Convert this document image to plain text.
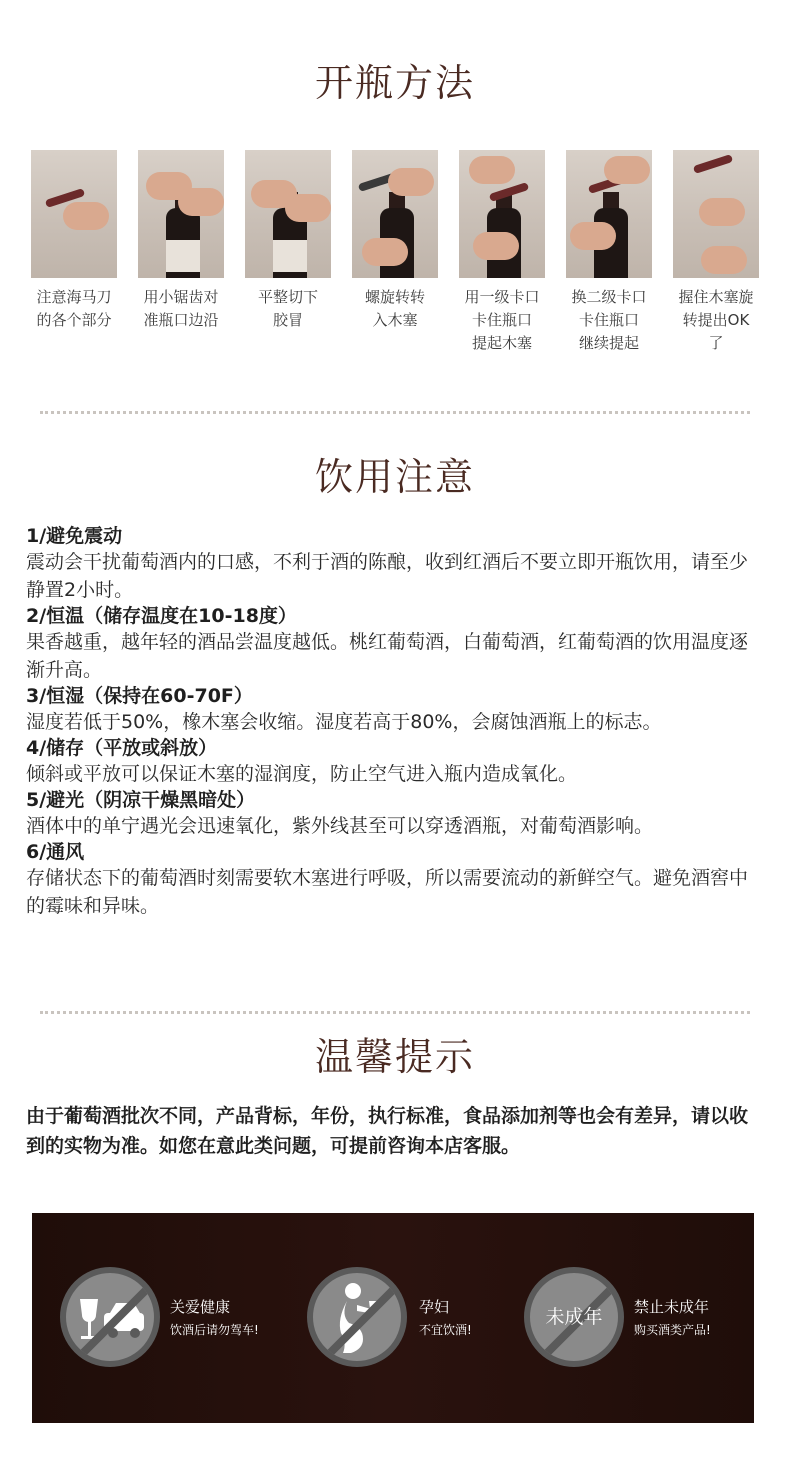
开瓶方法
注意海马刀
的各个部分
用小锯齿对
准瓶口边沿
平整切下
胶冒
螺旋转转
入木塞
用一级卡口
卡住瓶口
提起木塞
换二级卡口
卡住瓶口
继续提起
握住木塞旋
转提出OK
了
饮用注意
1/避免震动
震动会干扰葡萄酒内的口感，不利于酒的陈酿，收到红酒后不要立即开瓶饮用，请至少静置2小时。
2/恒温（储存温度在10-18度）
果香越重，越年轻的酒品尝温度越低。桃红葡萄酒，白葡萄酒，红葡萄酒的饮用温度逐渐升高。
3/恒湿（保持在60-70F）
湿度若低于50%，橡木塞会收缩。湿度若高于80%，会腐蚀酒瓶上的标志。
4/储存（平放或斜放）
倾斜或平放可以保证木塞的湿润度，防止空气进入瓶内造成氧化。
5/避光（阴凉干燥黑暗处）
酒体中的单宁遇光会迅速氧化，紫外线甚至可以穿透酒瓶，对葡萄酒影响。
6/通风
存储状态下的葡萄酒时刻需要软木塞进行呼吸，所以需要流动的新鲜空气。避免酒窖中的霉味和异味。
温馨提示
由于葡萄酒批次不同，产品背标，年份，执行标准，食品添加剂等也会有差异，请以收到的实物为准。如您在意此类问题，可提前咨询本店客服。
关爱健康
饮酒后请勿驾车!
孕妇
不宜饮酒!
未成年	禁止未成年
购买酒类产品!
